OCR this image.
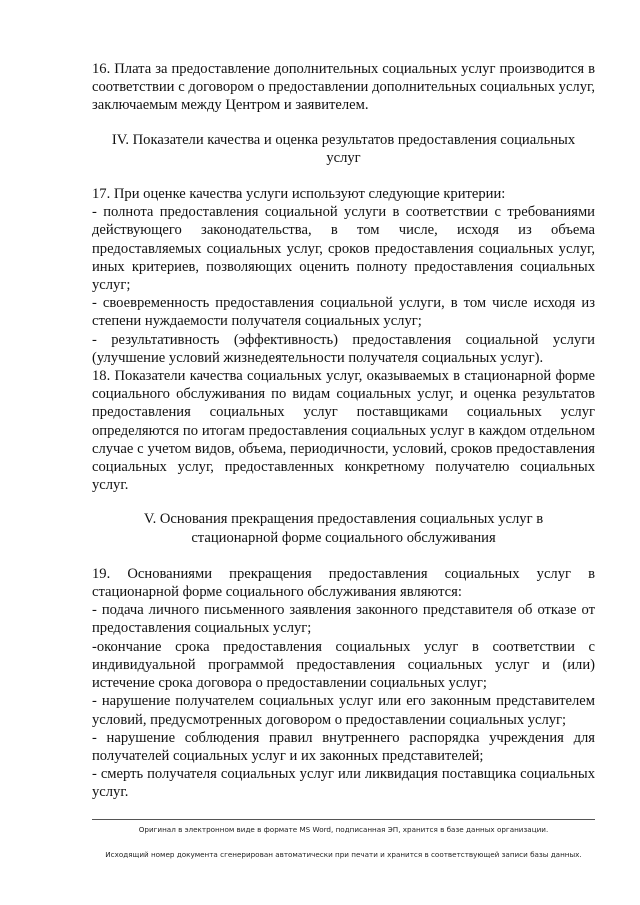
16. Плата за предоставление дополнительных социальных услуг производится в соответствии с договором о предоставлении дополнительных социальных услуг, заключаемым между Центром и заявителем.

IV. Показатели качества и оценка результатов предоставления социальных услуг

17. При оценке качества услуги используют следующие критерии:

- полнота предоставления социальной услуги в соответствии с требованиями действующего законодательства, в том числе, исходя из объема предоставляемых социальных услуг, сроков предоставления социальных услуг, иных критериев, позволяющих оценить полноту предоставления социальных услуг;

- своевременность предоставления социальной услуги, в том числе исходя из степени нуждаемости получателя социальных услуг;

- результативность (эффективность) предоставления социальной услуги (улучшение условий жизнедеятельности получателя социальных услуг).

18. Показатели качества социальных услуг, оказываемых в стационарной форме социального обслуживания по видам социальных услуг, и оценка результатов предоставления социальных услуг поставщиками социальных услуг определяются по итогам предоставления социальных услуг в каждом отдельном случае с учетом видов, объема, периодичности, условий, сроков предоставления социальных услуг, предоставленных конкретному получателю социальных услуг.

V. Основания прекращения предоставления социальных услуг в стационарной форме социального обслуживания

19. Основаниями прекращения предоставления социальных услуг в стационарной форме социального обслуживания являются:

- подача личного письменного заявления законного представителя об отказе от предоставления социальных услуг;

-окончание срока предоставления социальных услуг в соответствии с индивидуальной программой предоставления социальных услуг и (или) истечение срока договора о предоставлении социальных услуг;

- нарушение получателем социальных услуг или его законным представителем условий, предусмотренных договором о предоставлении социальных услуг;

- нарушение соблюдения правил внутреннего распорядка учреждения для получателей социальных услуг и их законных представителей;

- смерть получателя социальных услуг или ликвидация поставщика социальных услуг.

Оригинал в электронном виде в формате MS Word, подписанная ЭП, хранится в базе данных организации.
Исходящий номер документа сгенерирован автоматически при печати и хранится в соответствующей записи базы данных.
